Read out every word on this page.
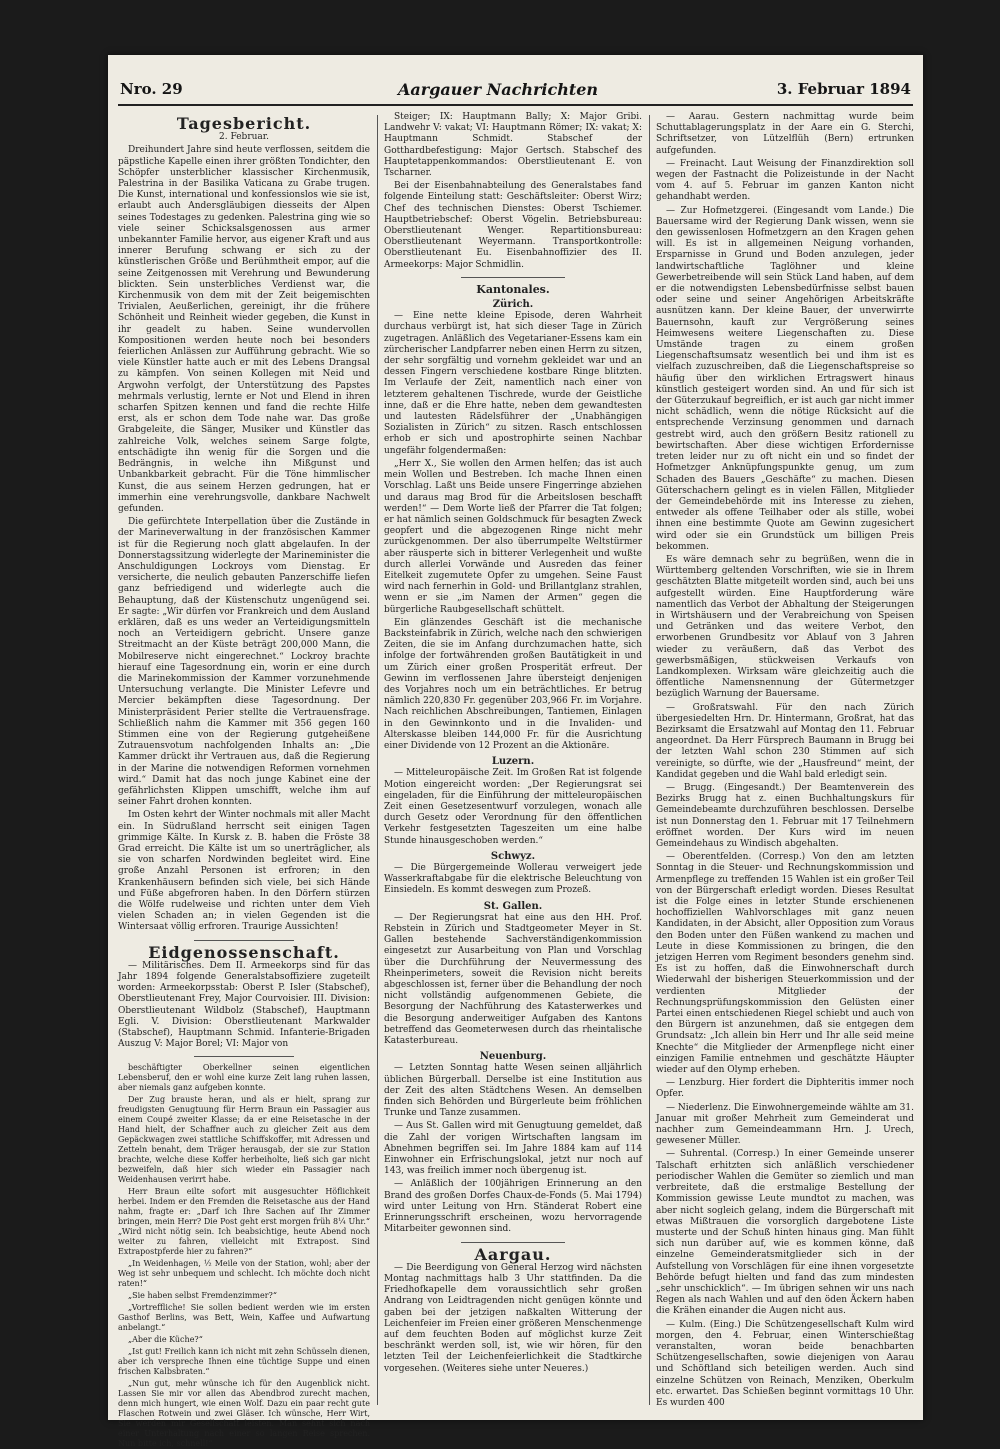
Nro. 29	Aargauer Nachrichten	3. Februar 1894
Tagesbericht.
2. Februar.

Dreihundert Jahre sind heute verflossen, seitdem die päpstliche Kapelle einen ihrer größten Tondichter, den Schöpfer unsterblicher klassischer Kirchenmusik, Palestrina in der Basilika Vaticana zu Grabe trugen. Die Kunst, international und konfessionslos wie sie ist, erlaubt auch Andersgläubigen diesseits der Alpen seines Todestages zu gedenken. Palestrina ging wie so viele seiner Schicksalsgenossen aus armer unbekannter Familie hervor, aus eigener Kraft und aus innerer Berufung schwang er sich zu der künstlerischen Größe und Berühmtheit empor, auf die seine Zeitgenossen mit Verehrung und Bewunderung blickten. Sein unsterbliches Verdienst war, die Kirchenmusik von dem mit der Zeit beigemischten Trivialen, Aeußerlichen, gereinigt, ihr die frühere Schönheit und Reinheit wieder gegeben, die Kunst in ihr geadelt zu haben. Seine wundervollen Kompositionen werden heute noch bei besonders feierlichen Anlässen zur Aufführung gebracht. Wie so viele Künstler hatte auch er mit des Lebens Drangsal zu kämpfen. Von seinen Kollegen mit Neid und Argwohn verfolgt, der Unterstützung des Papstes mehrmals verlustig, lernte er Not und Elend in ihren scharfen Spitzen kennen und fand die rechte Hilfe erst, als er schon dem Tode nahe war. Das große Grabgeleite, die Sänger, Musiker und Künstler das zahlreiche Volk, welches seinem Sarge folgte, entschädigte ihn wenig für die Sorgen und die Bedrängnis, in welche ihn Mißgunst und Unbankbarkeit gebracht. Für die Töne himmlischer Kunst, die aus seinem Herzen gedrungen, hat er immerhin eine verehrungsvolle, dankbare Nachwelt gefunden.

Die gefürchtete Interpellation über die Zustände in der Marineverwaltung in der französischen Kammer ist für die Regierung noch glatt abgelaufen. In der Donnerstagssitzung widerlegte der Marineminister die Anschuldigungen Lockroys vom Dienstag. Er versicherte, die neulich gebauten Panzerschiffe liefen ganz befriedigend und widerlegte auch die Behauptung, daß der Küstenschutz ungenügend sei. Er sagte: „Wir dürfen vor Frankreich und dem Ausland erklären, daß es uns weder an Verteidigungsmitteln noch an Verteidigern gebricht. Unsere ganze Streitmacht an der Küste beträgt 200,000 Mann, die Mobilreserve nicht eingerechnet.“ Lockroy brachte hierauf eine Tagesordnung ein, worin er eine durch die Marinekommission der Kammer vorzunehmende Untersuchung verlangte. Die Minister Lefevre und Mercier bekämpften diese Tagesordnung. Der Ministerpräsident Perier stellte die Vertrauensfrage. Schließlich nahm die Kammer mit 356 gegen 160 Stimmen eine von der Regierung gutgeheißene Zutrauensvotum nachfolgenden Inhalts an: „Die Kammer drückt ihr Vertrauen aus, daß die Regierung in der Marine die notwendigen Reformen vornehmen wird.“ Damit hat das noch junge Kabinet eine der gefährlichsten Klippen umschifft, welche ihm auf seiner Fahrt drohen konnten.

Im Osten kehrt der Winter nochmals mit aller Macht ein. In Südrußland herrscht seit einigen Tagen grimmige Kälte. In Kursk z. B. haben die Fröste 38 Grad erreicht. Die Kälte ist um so unerträglicher, als sie von scharfen Nordwinden begleitet wird. Eine große Anzahl Personen ist erfroren; in den Krankenhäusern befinden sich viele, bei sich Hände und Füße abgefroren haben. In den Dörfern stürzen die Wölfe rudelweise und richten unter dem Vieh vielen Schaden an; in vielen Gegenden ist die Wintersaat völlig erfroren. Traurige Aussichten!

Eidgenossenschaft.

— Militärisches. Dem II. Armeekorps sind für das Jahr 1894 folgende Generalstabsoffiziere zugeteilt worden: Armeekorpsstab: Oberst P. Isler (Stabschef), Oberstlieutenant Frey, Major Courvoisier. III. Division: Oberstlieutenant Wildbolz (Stabschef), Hauptmann Egli. V. Division: Oberstlieutenant Markwalder (Stabschef), Hauptmann Schmid. Infanterie-Brigaden Auszug V: Major Borel; VI: Major von

beschäftigter Oberkellner seinen eigentlichen Lebensberuf, den er wohl eine kurze Zeit lang ruhen lassen, aber niemals ganz aufgeben konnte.

Der Zug brauste heran, und als er hielt, sprang zur freudigsten Genugtuung für Herrn Braun ein Passagier aus einem Coupé zweiter Klasse; da er eine Reisetasche in der Hand hielt, der Schaffner auch zu gleicher Zeit aus dem Gepäckwagen zwei stattliche Schiffskoffer, mit Adressen und Zetteln benaht, dem Träger herausgab, der sie zur Station brachte, welche diese Koffer herbeiholte, ließ sich gar nicht bezweifeln, daß hier sich wieder ein Passagier nach Weidenhausen verirrt habe.

Herr Braun eilte sofort mit ausgesuchter Höflichkeit herbei. Indem er den Fremden die Reisetasche aus der Hand nahm, fragte er: „Darf ich Ihre Sachen auf Ihr Zimmer bringen, mein Herr? Die Post geht erst morgen früh 8¼ Uhr.“ „Wird nicht nötig sein. Ich beabsichtige, heute Abend noch weiter zu fahren, vielleicht mit Extrapost. Sind Extrapostpferde hier zu fahren?“

„In Weidenhagen, ½ Meile von der Station, wohl; aber der Weg ist sehr unbequem und schlecht. Ich möchte doch nicht raten!“

„Sie haben selbst Fremdenzimmer?“

„Vortreffliche! Sie sollen bedient werden wie im ersten Gasthof Berlins, was Bett, Wein, Kaffee und Aufwartung anbelangt.“

„Aber die Küche?“

„Ist gut! Freilich kann ich nicht mit zehn Schüsseln dienen, aber ich verspreche Ihnen eine tüchtige Suppe und einen frischen Kalbsbraten.“

„Nun gut, mehr wünsche ich für den Augenblick nicht. Lassen Sie mir vor allen das Abendbrod zurecht machen, denn mich hungert, wie einen Wolf. Dazu ein paar recht gute Flaschen Rotwein und zwei Gläser. Ich wünsche, Herr Wirt, Sie werden mir Gesellschaft leisten. Man sehnt sich nach einer Unterhaltung nach einer so langen Reise sprechen. Nun bitte ich, schnell!“

Steiger; IX: Hauptmann Bally; X: Major Gribi. Landwehr V: vakat; VI: Hauptmann Römer; IX: vakat; X: Hauptmann Schmidt. Stabschef der Gotthardbefestigung: Major Gertsch. Stabschef des Hauptetappenkommandos: Oberstlieutenant E. von Tscharner.

Bei der Eisenbahnabteilung des Generalstabes fand folgende Einteilung statt: Geschäftsleiter: Oberst Wirz; Chef des technischen Dienstes: Oberst Tschiemer. Hauptbetriebschef: Oberst Vögelin. Betriebsbureau: Oberstlieutenant Wenger. Repartitionsbureau: Oberstlieutenant Weyermann. Transportkontrolle: Oberstlieutenant Eu. Eisenbahnoffizier des II. Armeekorps: Major Schmidlin.

Kantonales.
Zürich.

— Eine nette kleine Episode, deren Wahrheit durchaus verbürgt ist, hat sich dieser Tage in Zürich zugetragen. Anläßlich des Vegetarianer-Essens kam ein zürcherischer Landpfarrer neben einen Herrn zu sitzen, der sehr sorgfältig und vornehm gekleidet war und an dessen Fingern verschiedene kostbare Ringe blitzten. Im Verlaufe der Zeit, namentlich nach einer von letzterem gehaltenen Tischrede, wurde der Geistliche inne, daß er die Ehre hatte, neben dem gewandtesten und lautesten Rädelsführer der „Unabhängigen Sozialisten in Zürich“ zu sitzen. Rasch entschlossen erhob er sich und apostrophirte seinen Nachbar ungefähr folgendermaßen:

„Herr X., Sie wollen den Armen helfen; das ist auch mein Wollen und Bestreben. Ich mache Ihnen einen Vorschlag. Laßt uns Beide unsere Fingerringe abziehen und daraus mag Brod für die Arbeitslosen beschafft werden!“ — Dem Worte ließ der Pfarrer die Tat folgen; er hat nämlich seinen Goldschmuck für besagten Zweck geopfert und die abgezogenen Ringe nicht mehr zurückgenommen. Der also überrumpelte Weltstürmer aber räusperte sich in bitterer Verlegenheit und wußte durch allerlei Vorwände und Ausreden das feiner Eitelkeit zugemutete Opfer zu umgehen. Seine Faust wird nach fernerhin in Gold- und Brillantglanz strahlen, wenn er sie „im Namen der Armen“ gegen die bürgerliche Raubgesellschaft schüttelt.

Ein glänzendes Geschäft ist die mechanische Backsteinfabrik in Zürich, welche nach den schwierigen Zeiten, die sie im Anfang durchzumachen hatte, sich infolge der fortwährenden großen Bautätigkeit in und um Zürich einer großen Prosperität erfreut. Der Gewinn im verflossenen Jahre übersteigt denjenigen des Vorjahres noch um ein beträchtliches. Er betrug nämlich 220,830 Fr. gegenüber 203,966 Fr. im Vorjahre. Nach reichlichen Abschreibungen, Tantiemen, Einlagen in den Gewinnkonto und in die Invaliden- und Alterskasse bleiben 144,000 Fr. für die Ausrichtung einer Dividende von 12 Prozent an die Aktionäre.

Luzern.

— Mitteleuropäische Zeit. Im Großen Rat ist folgende Motion eingereicht worden: „Der Regierungsrat sei eingeladen, für die Einführung der mitteleuropäischen Zeit einen Gesetzesentwurf vorzulegen, wonach alle durch Gesetz oder Verordnung für den öffentlichen Verkehr festgesetzten Tageszeiten um eine halbe Stunde hinausgeschoben werden.“

Schwyz.

— Die Bürgergemeinde Wollerau verweigert jede Wasserkraftabgabe für die elektrische Beleuchtung von Einsiedeln. Es kommt deswegen zum Prozeß.

St. Gallen.

— Der Regierungsrat hat eine aus den HH. Prof. Rebstein in Zürich und Stadtgeometer Meyer in St. Gallen bestehende Sachverständigenkommission eingesetzt zur Ausarbeitung von Plan und Vorschlag über die Durchführung der Neuvermessung des Rheinperimeters, soweit die Revision nicht bereits abgeschlossen ist, ferner über die Behandlung der noch nicht vollständig aufgenommenen Gebiete, die Besorgung der Nachführung des Katasterwerkes und die Besorgung anderweitiger Aufgaben des Kantons betreffend das Geometerwesen durch das rheintalische Katasterbureau.

Neuenburg.

— Letzten Sonntag hatte Wesen seinen alljährlich üblichen Bürgerball. Derselbe ist eine Institution aus der Zeit des alten Städtchens Wesen. An demselben finden sich Behörden und Bürgerleute beim fröhlichen Trunke und Tanze zusammen.

— Aus St. Gallen wird mit Genugtuung gemeldet, daß die Zahl der vorigen Wirtschaften langsam im Abnehmen begriffen sei. Im Jahre 1884 kam auf 114 Einwohner ein Erfrischungslokal, jetzt nur noch auf 143, was freilich immer noch übergenug ist.

— Anläßlich der 100jährigen Erinnerung an den Brand des großen Dorfes Chaux-de-Fonds (5. Mai 1794) wird unter Leitung von Hrn. Ständerat Robert eine Erinnerungsschrift erscheinen, wozu hervorragende Mitarbeiter gewonnen sind.

Aargau.

— Die Beerdigung von General Herzog wird nächsten Montag nachmittags halb 3 Uhr stattfinden. Da die Friedhofkapelle dem voraussichtlich sehr großen Andrang von Leidtragenden nicht genügen könnte und gaben bei der jetzigen naßkalten Witterung der Leichenfeier im Freien einer größeren Menschenmenge auf dem feuchten Boden auf möglichst kurze Zeit beschränkt werden soll, ist, wie wir hören, für den letzten Teil der Leichenfeierlichkeit die Stadtkirche vorgesehen. (Weiteres siehe unter Neueres.)

— Aarau. Gestern nachmittag wurde beim Schuttablagerungsplatz in der Aare ein G. Sterchi, Schriftsetzer, von Lützelflüh (Bern) ertrunken aufgefunden.

— Freinacht. Laut Weisung der Finanzdirektion soll wegen der Fastnacht die Polizeistunde in der Nacht vom 4. auf 5. Februar im ganzen Kanton nicht gehandhabt werden.

— Zur Hofmetzgerei. (Eingesandt vom Lande.) Die Bauersame wird der Regierung Dank wissen, wenn sie den gewissenlosen Hofmetzgern an den Kragen gehen will. Es ist in allgemeinen Neigung vorhanden, Ersparnisse in Grund und Boden anzulegen, jeder landwirtschaftliche Taglöhner und kleine Gewerbetreibende will sein Stück Land haben, auf dem er die notwendigsten Lebensbedürfnisse selbst bauen oder seine und seiner Angehörigen Arbeitskräfte ausnützen kann. Der kleine Bauer, der unverwirrte Bauernsohn, kauft zur Vergrößerung seines Heimwesens weitere Liegenschaften zu. Diese Umstände tragen zu einem großen Liegenschaftsumsatz wesentlich bei und ihm ist es vielfach zuzuschreiben, daß die Liegenschaftspreise so häufig über den wirklichen Ertragswert hinaus künstlich gesteigert worden sind. An und für sich ist der Güterzukauf begreiflich, er ist auch gar nicht immer nicht schädlich, wenn die nötige Rücksicht auf die entsprechende Verzinsung genommen und darnach gestrebt wird, auch den größern Besitz rationell zu bewirtschaften. Aber diese wichtigen Erfordernisse treten leider nur zu oft nicht ein und so findet der Hofmetzger Anknüpfungspunkte genug, um zum Schaden des Bauers „Geschäfte“ zu machen. Diesen Güterschachern gelingt es in vielen Fällen, Mitglieder der Gemeindebehörde mit ins Interesse zu ziehen, entweder als offene Teilhaber oder als stille, wobei ihnen eine bestimmte Quote am Gewinn zugesichert wird oder sie ein Grundstück um billigen Preis bekommen.

Es wäre demnach sehr zu begrüßen, wenn die in Württemberg geltenden Vorschriften, wie sie in Ihrem geschätzten Blatte mitgeteilt worden sind, auch bei uns aufgestellt würden. Eine Hauptforderung wäre namentlich das Verbot der Abhaltung der Steigerungen in Wirtshäusern und der Verabreichung von Speisen und Getränken und das weitere Verbot, den erworbenen Grundbesitz vor Ablauf von 3 Jahren wieder zu veräußern, daß das Verbot des gewerbsmäßigen, stückweisen Verkaufs von Landkomplexen. Wirksam wäre gleichzeitig auch die öffentliche Namensnennung der Gütermetzger bezüglich Warnung der Bauersame.

— Großratswahl. Für den nach Zürich übergesiedelten Hrn. Dr. Hintermann, Großrat, hat das Bezirksamt die Ersatzwahl auf Montag den 11. Februar angeordnet. Da Herr Fürsprech Baumann in Brugg bei der letzten Wahl schon 230 Stimmen auf sich vereinigte, so dürfte, wie der „Hausfreund“ meint, der Kandidat gegeben und die Wahl bald erledigt sein.

— Brugg. (Eingesandt.) Der Beamtenverein des Bezirks Brugg hat z. einen Buchhaltungskurs für Gemeindebeamte durchzuführen beschlossen. Derselbe ist nun Donnerstag den 1. Februar mit 17 Teilnehmern eröffnet worden. Der Kurs wird im neuen Gemeindehaus zu Windisch abgehalten.

— Oberentfelden. (Corresp.) Von den am letzten Sonntag in die Steuer- und Rechnungskommission und Armenpflege zu treffenden 15 Wahlen ist ein großer Teil von der Bürgerschaft erledigt worden. Dieses Resultat ist die Folge eines in letzter Stunde erschienenen hochoffiziellen Wahlvorschlages mit ganz neuen Kandidaten, in der Absicht, aller Opposition zum Voraus den Boden unter den Füßen wankend zu machen und Leute in diese Kommissionen zu bringen, die den jetzigen Herren vom Regiment besonders genehm sind. Es ist zu hoffen, daß die Einwohnerschaft durch Wiederwahl der bisherigen Steuerkommission und der verdienten Mitglieder der Rechnungsprüfungskommission den Gelüsten einer Partei einen entschiedenen Riegel schiebt und auch von den Bürgern ist anzunehmen, daß sie entgegen dem Grundsatz: „Ich allein bin Herr und Ihr alle seid meine Knechte“ die Mitglieder der Armenpflege nicht einer einzigen Familie entnehmen und geschätzte Häupter wieder auf den Olymp erheben.

— Lenzburg. Hier fordert die Diphteritis immer noch Opfer.

— Niederlenz. Die Einwohnergemeinde wählte am 31. Januar mit großer Mehrheit zum Gemeinderat und nachher zum Gemeindeammann Hrn. J. Urech, gewesener Müller.

— Suhrental. (Corresp.) In einer Gemeinde unserer Talschaft erhitzten sich anläßlich verschiedener periodischer Wahlen die Gemüter so ziemlich und man verbreitete, daß die erstmalige Bestellung der Kommission gewisse Leute mundtot zu machen, was aber nicht sogleich gelang, indem die Bürgerschaft mit etwas Mißtrauen die vorsorglich dargebotene Liste musterte und der Schuß hinten hinaus ging. Man fühlt sich nun darüber auf, wie es kommen könne, daß einzelne Gemeinderatsmitglieder sich in der Aufstellung von Vorschlägen für eine ihnen vorgesetzte Behörde befugt hielten und fand das zum mindesten „sehr unschicklich“. — Im übrigen sehnen wir uns nach Regen als nach Wahlen und auf den öden Äckern haben die Krähen einander die Augen nicht aus.

— Kulm. (Eing.) Die Schützengesellschaft Kulm wird morgen, den 4. Februar, einen Winterschießtag veranstalten, woran beide benachbarten Schützengesellschaften, sowie diejenigen von Aarau und Schöftland sich beteiligen werden. Auch sind einzelne Schützen von Reinach, Menziken, Oberkulm etc. erwartet. Das Schießen beginnt vormittags 10 Uhr. Es wurden 400
